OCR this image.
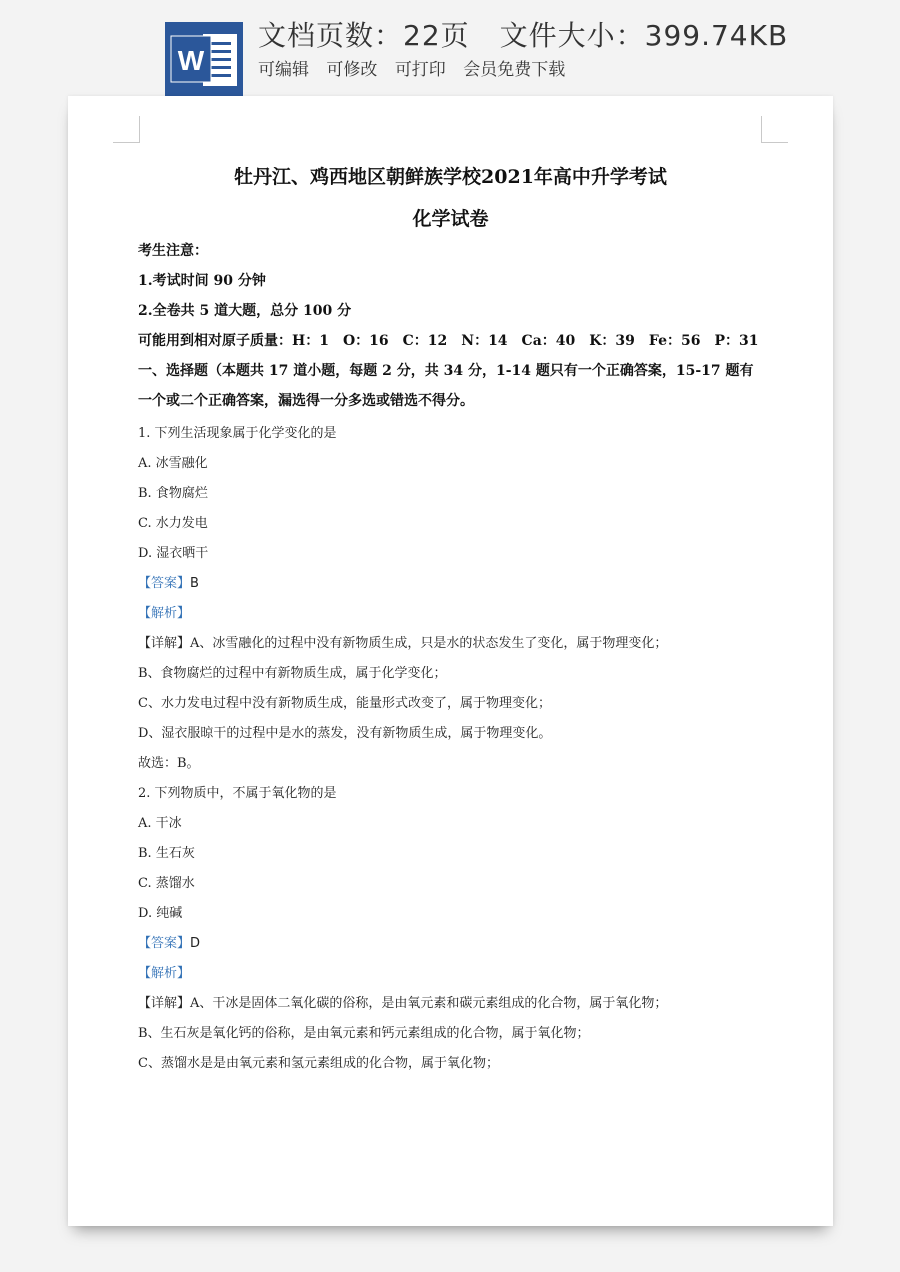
W
文档页数：22页 文件大小：399.74KB
可编辑 可修改 可打印 会员免费下载
牡丹江、鸡西地区朝鲜族学校2021年高中升学考试
化学试卷
考生注意：
1.考试时间 90 分钟
2.全卷共 5 道大题，总分 100 分
可能用到相对原子质量：H：1　O：16　C：12　N：14　Ca：40　K：39　Fe：56　P：31
一、选择题（本题共 17 道小题，每题 2 分，共 34 分，1-14 题只有一个正确答案，15-17 题有
一个或二个正确答案，漏选得一分多选或错选不得分。
1. 下列生活现象属于化学变化的是
A. 冰雪融化
B. 食物腐烂
C. 水力发电
D. 湿衣晒干
【答案】B
【解析】
【详解】A、冰雪融化的过程中没有新物质生成，只是水的状态发生了变化，属于物理变化；
B、食物腐烂的过程中有新物质生成，属于化学变化；
C、水力发电过程中没有新物质生成，能量形式改变了，属于物理变化；
D、湿衣服晾干的过程中是水的蒸发，没有新物质生成，属于物理变化。
故选：B。
2. 下列物质中，不属于氧化物的是
A. 干冰
B. 生石灰
C. 蒸馏水
D. 纯碱
【答案】D
【解析】
【详解】A、干冰是固体二氧化碳的俗称，是由氧元素和碳元素组成的化合物，属于氧化物；
B、生石灰是氧化钙的俗称，是由氧元素和钙元素组成的化合物，属于氧化物；
C、蒸馏水是是由氧元素和氢元素组成的化合物，属于氧化物；
